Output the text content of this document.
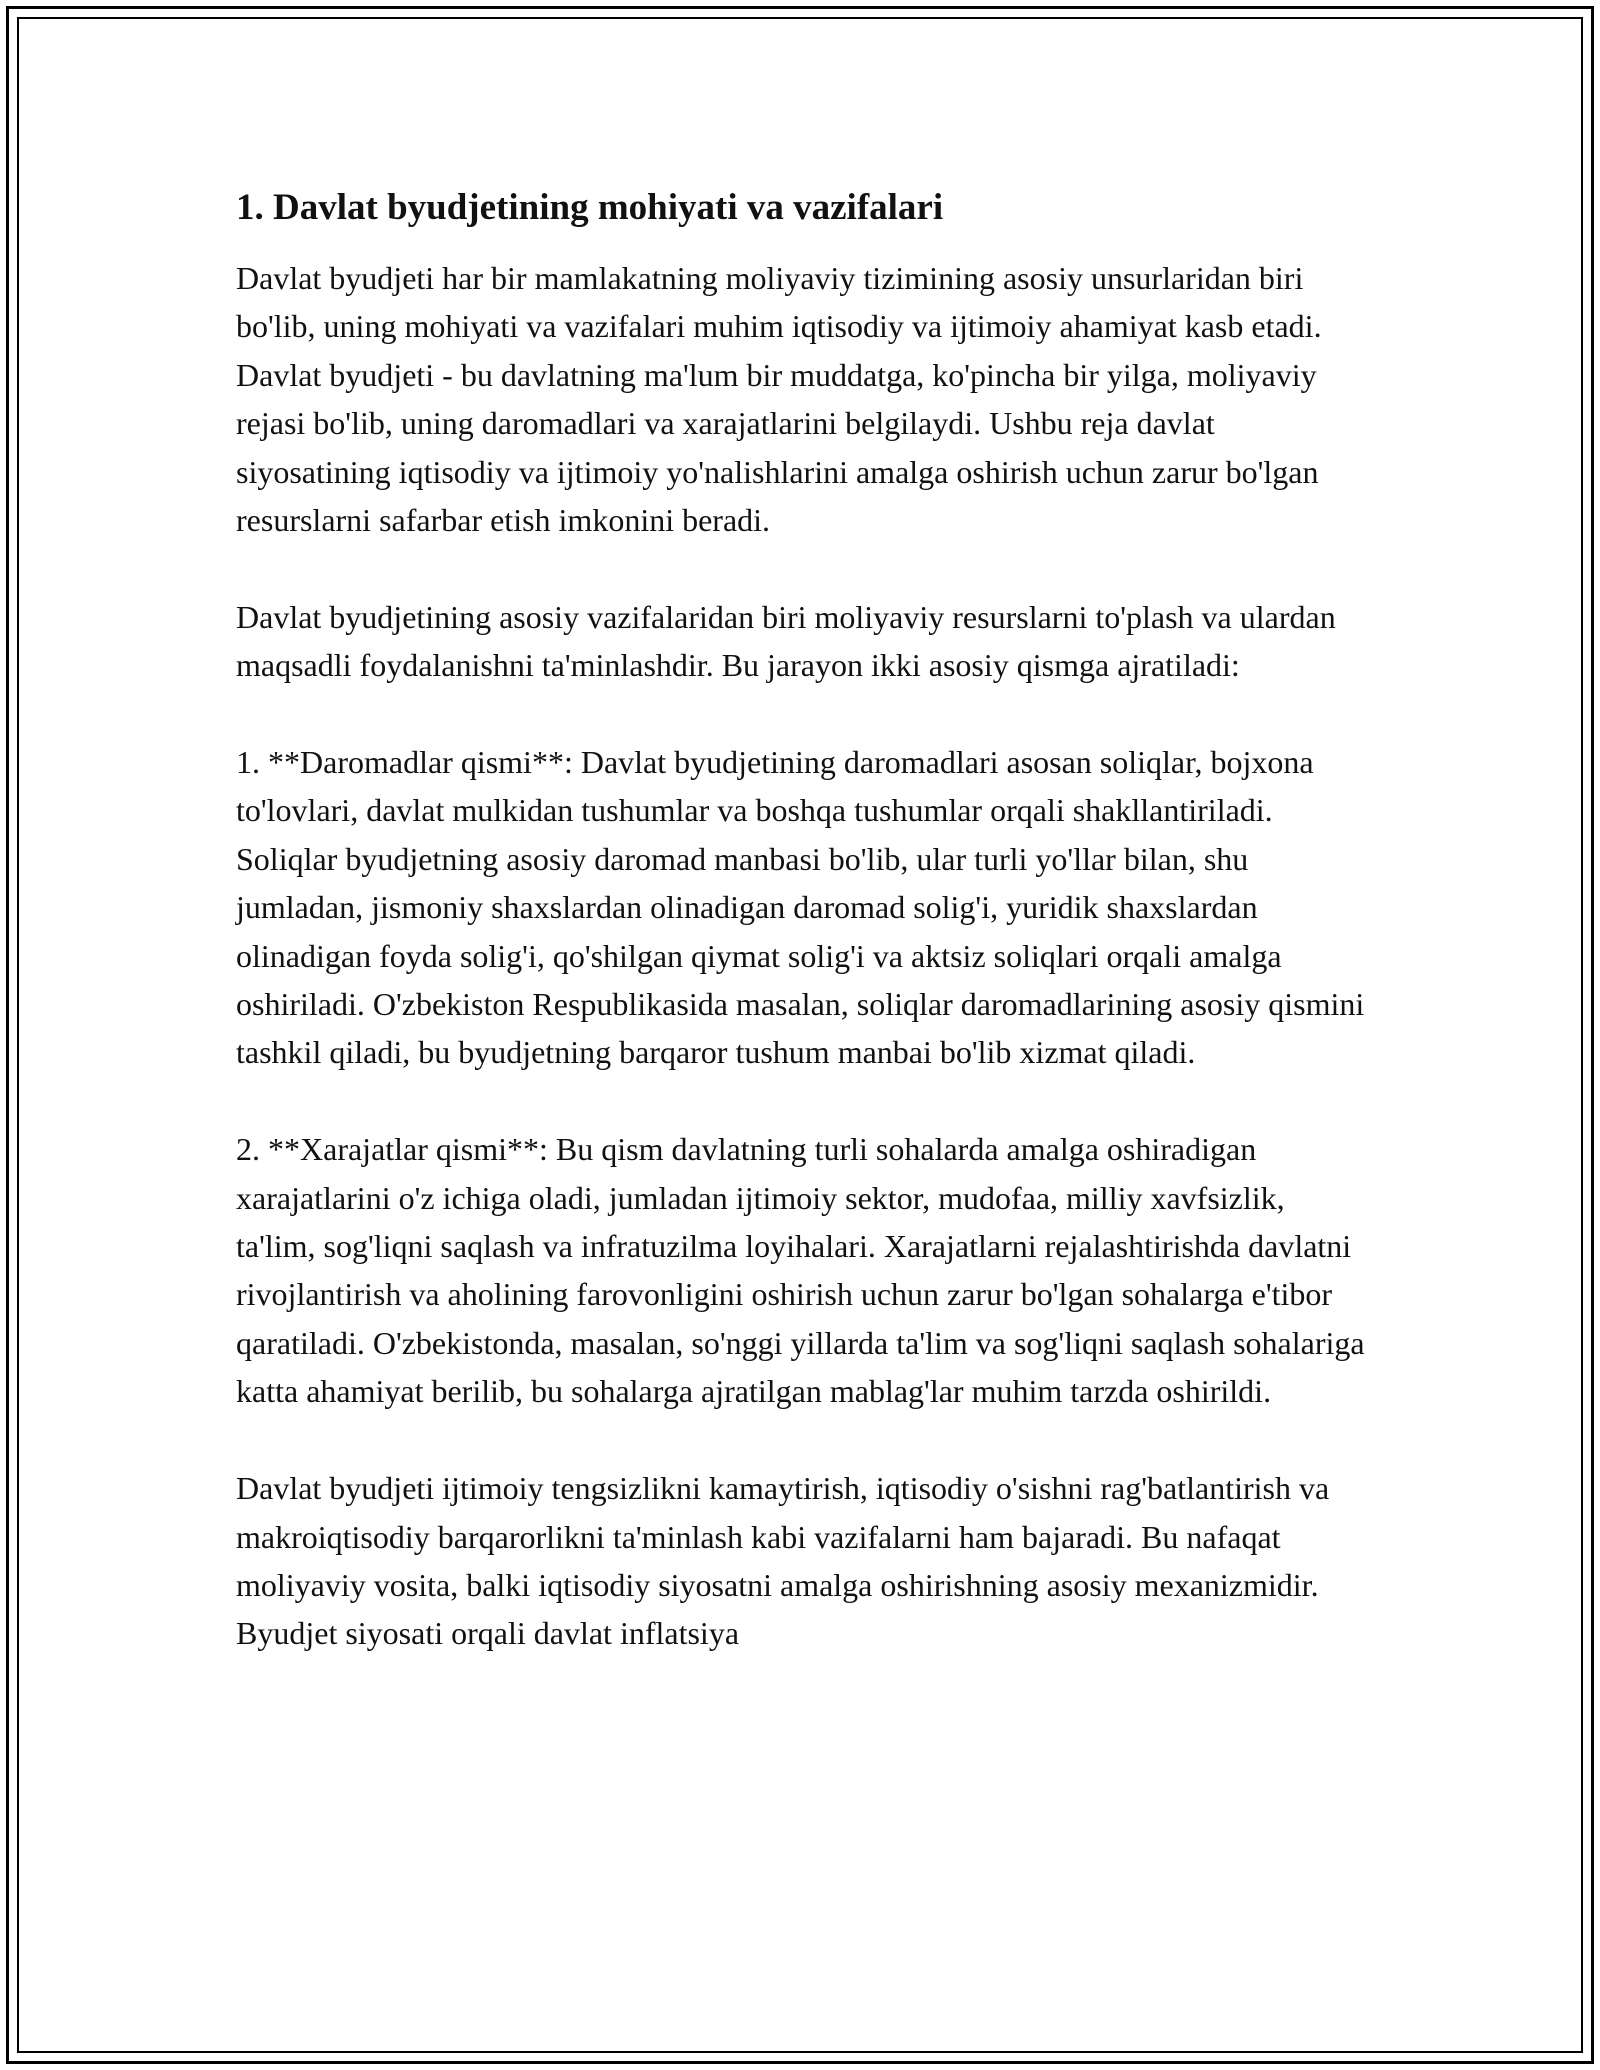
1. Davlat byudjetining mohiyati va vazifalari

Davlat byudjeti har bir mamlakatning moliyaviy tizimining asosiy unsurlaridan biri bo'lib, uning mohiyati va vazifalari muhim iqtisodiy va ijtimoiy ahamiyat kasb etadi. Davlat byudjeti - bu davlatning ma'lum bir muddatga, ko'pincha bir yilga, moliyaviy rejasi bo'lib, uning daromadlari va xarajatlarini belgilaydi. Ushbu reja davlat siyosatining iqtisodiy va ijtimoiy yo'nalishlarini amalga oshirish uchun zarur bo'lgan resurslarni safarbar etish imkonini beradi.

Davlat byudjetining asosiy vazifalaridan biri moliyaviy resurslarni to'plash va ulardan maqsadli foydalanishni ta'minlashdir. Bu jarayon ikki asosiy qismga ajratiladi:

1. **Daromadlar qismi**: Davlat byudjetining daromadlari asosan soliqlar, bojxona to'lovlari, davlat mulkidan tushumlar va boshqa tushumlar orqali shakllantiriladi. Soliqlar byudjetning asosiy daromad manbasi bo'lib, ular turli yo'llar bilan, shu jumladan, jismoniy shaxslardan olinadigan daromad solig'i, yuridik shaxslardan olinadigan foyda solig'i, qo'shilgan qiymat solig'i va aktsiz soliqlari orqali amalga oshiriladi. O'zbekiston Respublikasida masalan, soliqlar daromadlarining asosiy qismini tashkil qiladi, bu byudjetning barqaror tushum manbai bo'lib xizmat qiladi.

2. **Xarajatlar qismi**: Bu qism davlatning turli sohalarda amalga oshiradigan xarajatlarini o'z ichiga oladi, jumladan ijtimoiy sektor, mudofaa, milliy xavfsizlik, ta'lim, sog'liqni saqlash va infratuzilma loyihalari. Xarajatlarni rejalashtirishda davlatni rivojlantirish va aholining farovonligini oshirish uchun zarur bo'lgan sohalarga e'tibor qaratiladi. O'zbekistonda, masalan, so'nggi yillarda ta'lim va sog'liqni saqlash sohalariga katta ahamiyat berilib, bu sohalarga ajratilgan mablag'lar muhim tarzda oshirildi.

Davlat byudjeti ijtimoiy tengsizlikni kamaytirish, iqtisodiy o'sishni rag'batlantirish va makroiqtisodiy barqarorlikni ta'minlash kabi vazifalarni ham bajaradi. Bu nafaqat moliyaviy vosita, balki iqtisodiy siyosatni amalga oshirishning asosiy mexanizmidir. Byudjet siyosati orqali davlat inflatsiya
